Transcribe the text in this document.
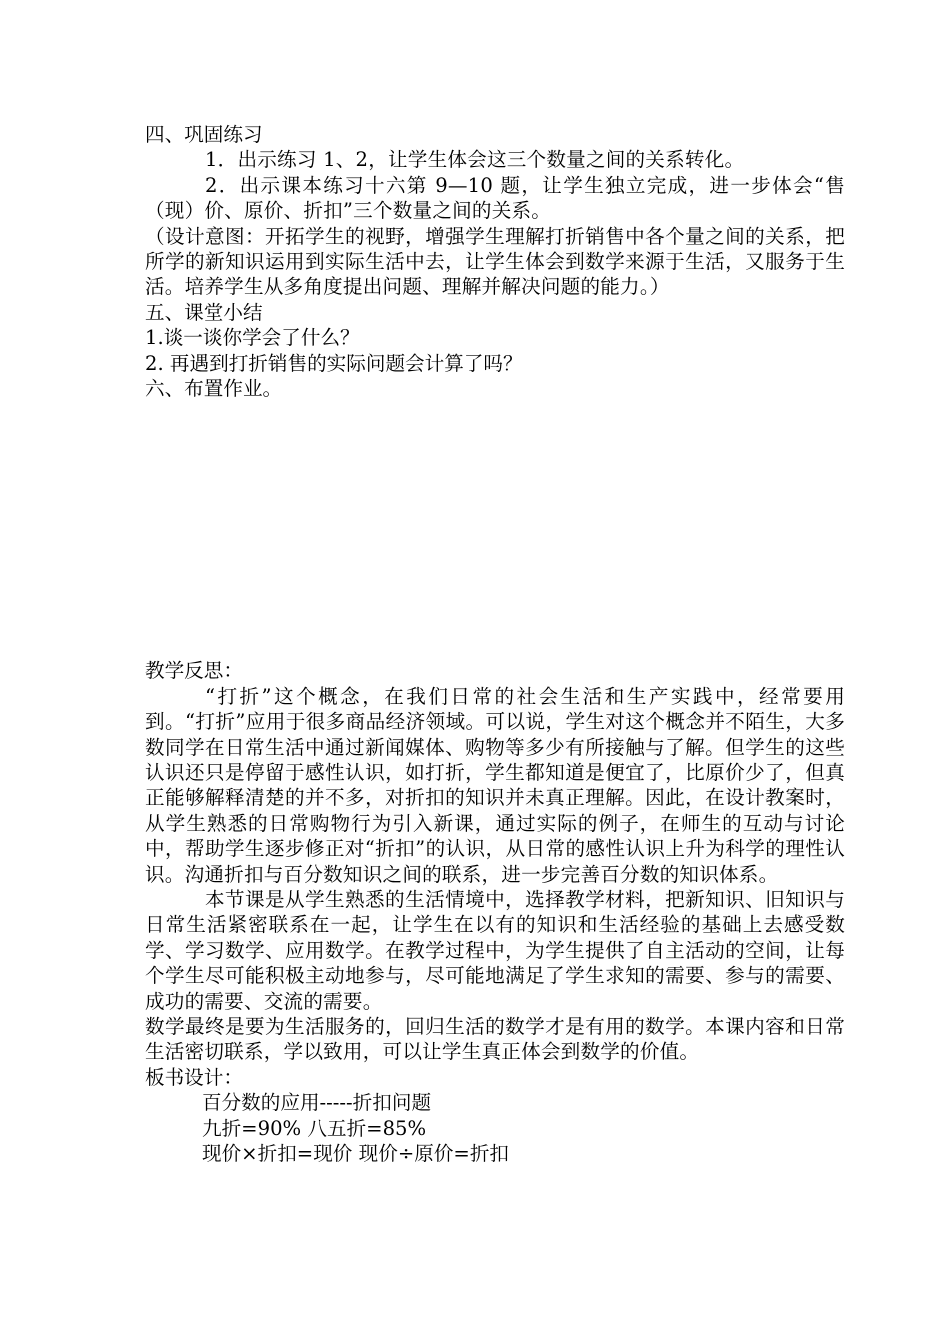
四、巩固练习
1．出示练习 1、2，让学生体会这三个数量之间的关系转化。
2．出示课本练习十六第 9—10 题，让学生独立完成，进一步体会“售（现）价、原价、折扣”三个数量之间的关系。
（设计意图：开拓学生的视野，增强学生理解打折销售中各个量之间的关系，把所学的新知识运用到实际生活中去，让学生体会到数学来源于生活，又服务于生活。培养学生从多角度提出问题、理解并解决问题的能力。）
五、课堂小结
1.谈一谈你学会了什么？
2. 再遇到打折销售的实际问题会计算了吗？
六、布置作业。
教学反思：
“打折”这个概念，在我们日常的社会生活和生产实践中，经常要用到。“打折”应用于很多商品经济领域。可以说，学生对这个概念并不陌生，大多数同学在日常生活中通过新闻媒体、购物等多少有所接触与了解。但学生的这些认识还只是停留于感性认识，如打折，学生都知道是便宜了，比原价少了，但真正能够解释清楚的并不多，对折扣的知识并未真正理解。因此，在设计教案时，从学生熟悉的日常购物行为引入新课，通过实际的例子，在师生的互动与讨论中，帮助学生逐步修正对“折扣”的认识，从日常的感性认识上升为科学的理性认识。沟通折扣与百分数知识之间的联系，进一步完善百分数的知识体系。
本节课是从学生熟悉的生活情境中，选择教学材料，把新知识、旧知识与日常生活紧密联系在一起，让学生在以有的知识和生活经验的基础上去感受数学、学习数学、应用数学。在教学过程中，为学生提供了自主活动的空间，让每个学生尽可能积极主动地参与，尽可能地满足了学生求知的需要、参与的需要、成功的需要、交流的需要。
数学最终是要为生活服务的，回归生活的数学才是有用的数学。本课内容和日常生活密切联系，学以致用，可以让学生真正体会到数学的价值。
板书设计：
百分数的应用-----折扣问题
九折=90% 八五折=85%
现价×折扣=现价 现价÷原价=折扣
